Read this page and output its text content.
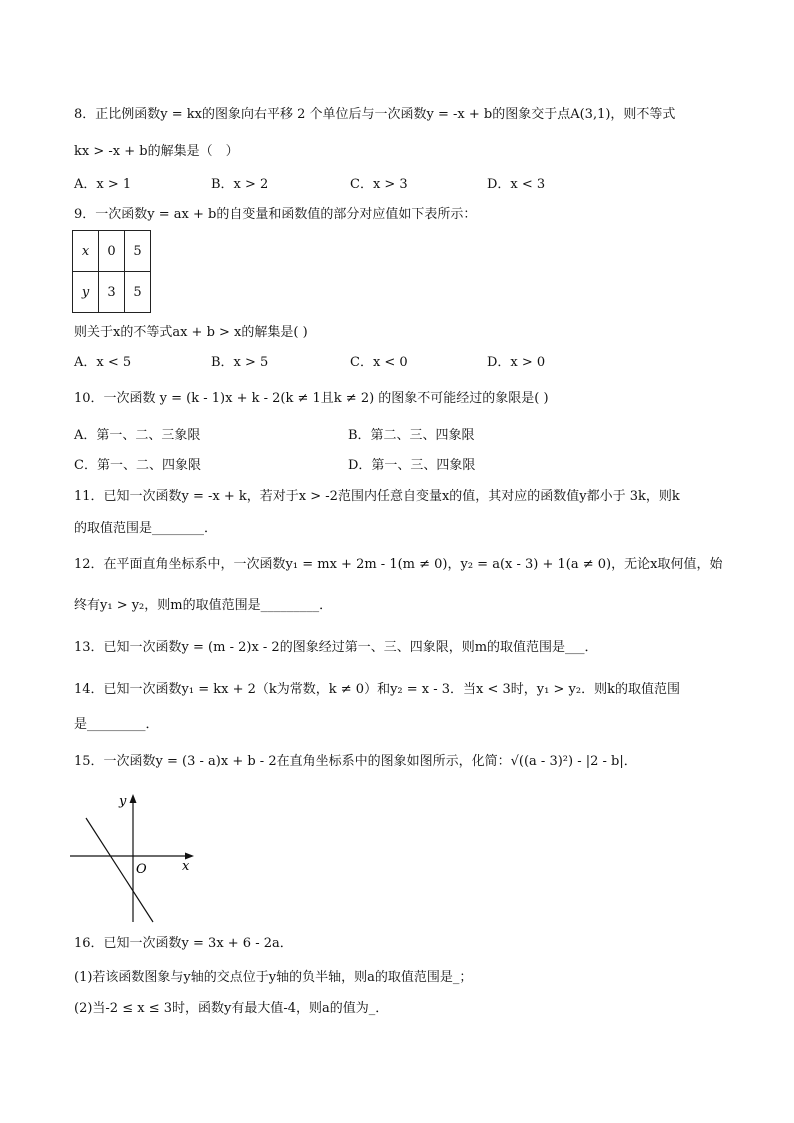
8．正比例函数y = kx的图象向右平移 2 个单位后与一次函数y = -x + b的图象交于点A(3,1)，则不等式
kx > -x + b的解集是（　）
A．x > 1	B．x > 2	C．x > 3	D．x < 3
9．一次函数y = ax + b的自变量和函数值的部分对应值如下表所示：
x	0	5
y	3	5
则关于x的不等式ax + b > x的解集是( )
A．x < 5	B．x > 5	C．x < 0	D．x > 0
10．一次函数 y = (k - 1)x + k - 2(k ≠ 1且k ≠ 2) 的图象不可能经过的象限是( )
A．第一、二、三象限	B．第二、三、四象限
C．第一、二、四象限	D．第一、三、四象限
11．已知一次函数y = -x + k，若对于x > -2范围内任意自变量x的值，其对应的函数值y都小于 3k，则k
的取值范围是________．
12．在平面直角坐标系中，一次函数y₁ = mx + 2m - 1(m ≠ 0)，y₂ = a(x - 3) + 1(a ≠ 0)，无论x取何值，始
终有y₁ > y₂，则m的取值范围是_________．
13．已知一次函数y = (m - 2)x - 2的图象经过第一、三、四象限，则m的取值范围是___．
14．已知一次函数y₁ = kx + 2（k为常数，k ≠ 0）和y₂ = x - 3．当x < 3时，y₁ > y₂．则k的取值范围
是_________．
15．一次函数y = (3 - a)x + b - 2在直角坐标系中的图象如图所示，化简：√((a - 3)²) - |2 - b|．
y
x
O
16．已知一次函数y = 3x + 6 - 2a．
(1)若该函数图象与y轴的交点位于y轴的负半轴，则a的取值范围是_；
(2)当-2 ≤ x ≤ 3时，函数y有最大值-4，则a的值为_．
